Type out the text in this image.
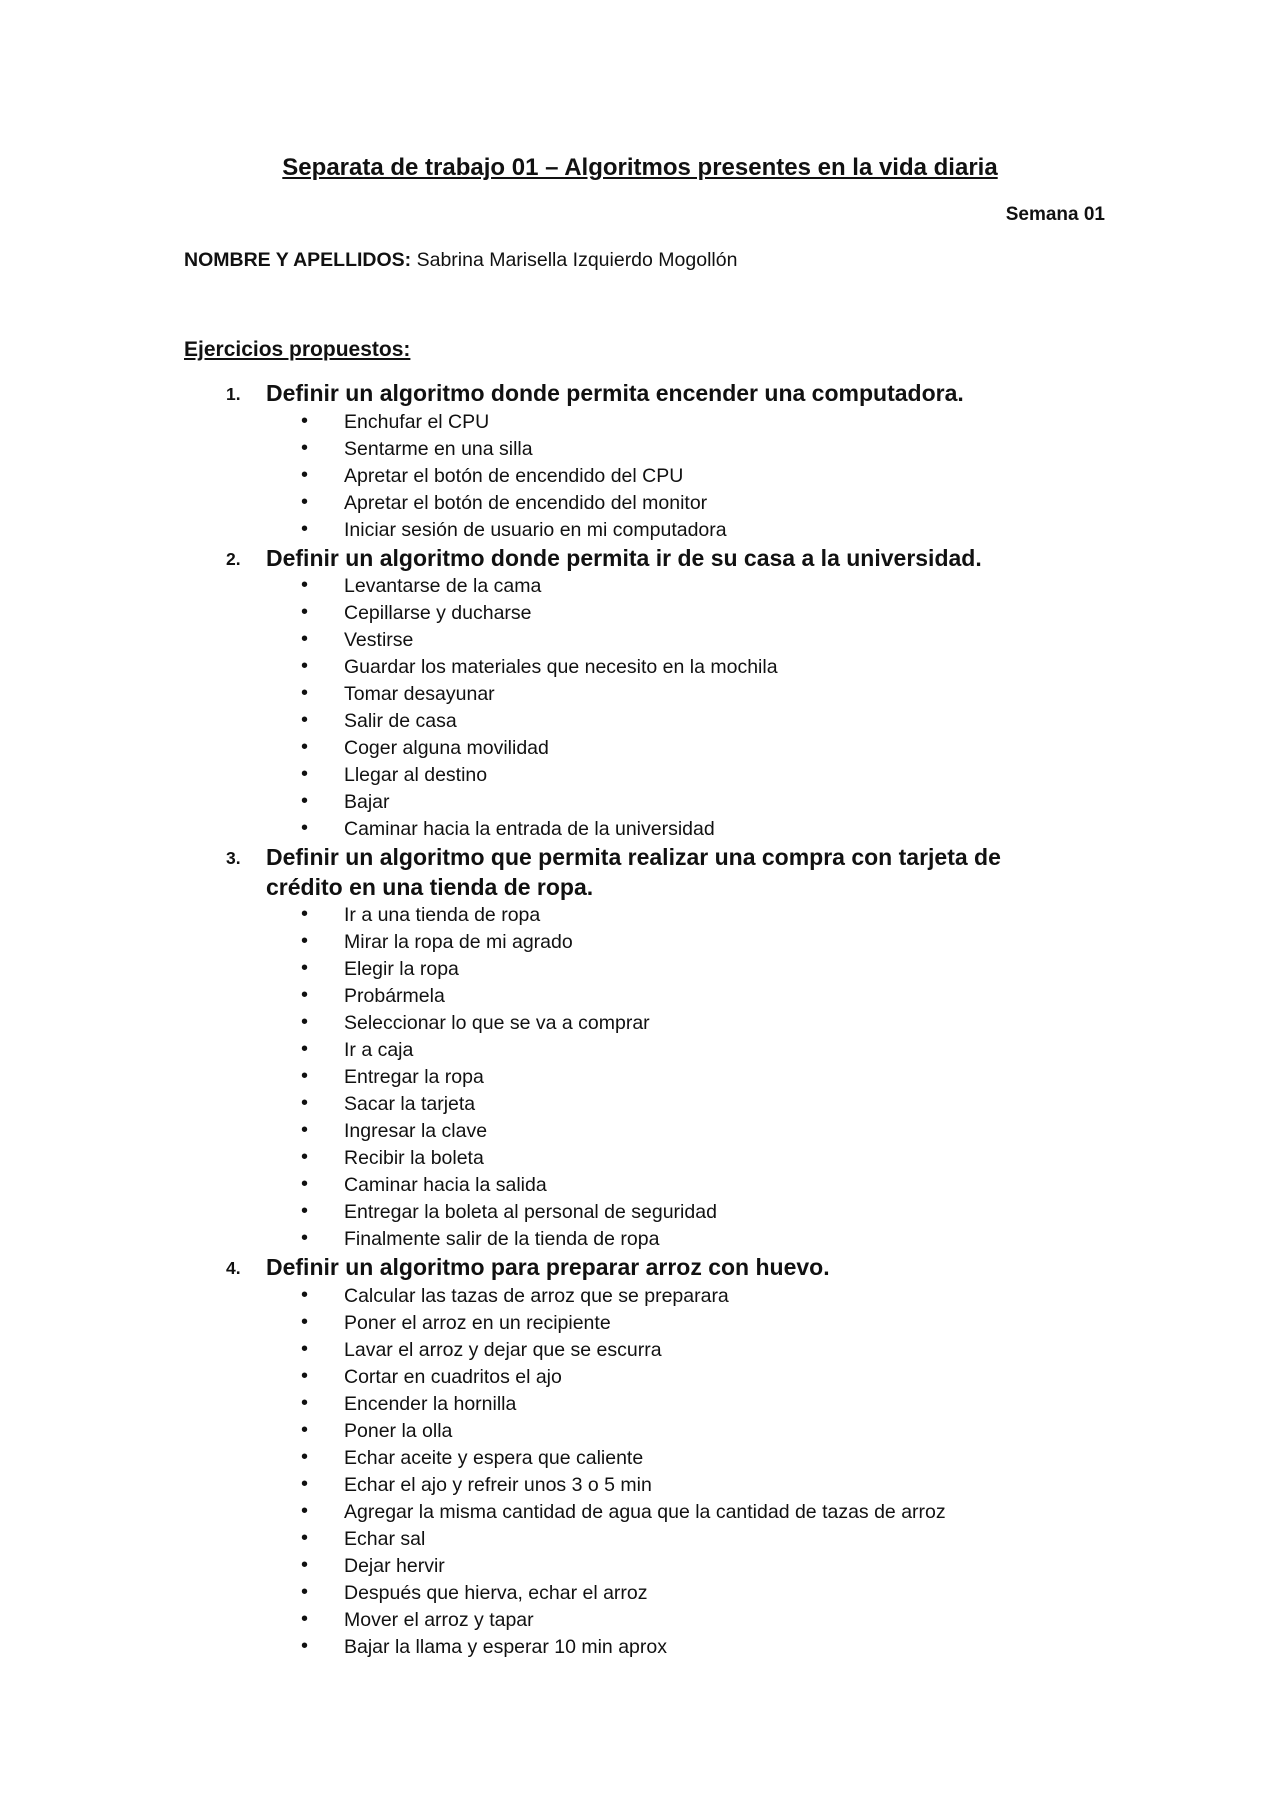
Separata de trabajo 01 – Algoritmos presentes en la vida diaria

Semana 01

NOMBRE Y APELLIDOS: Sabrina Marisella Izquierdo Mogollón

Ejercicios propuestos:
1. Definir un algoritmo donde permita encender una computadora.
• Enchufar el CPU
• Sentarme en una silla
• Apretar el botón de encendido del CPU
• Apretar el botón de encendido del monitor
• Iniciar sesión de usuario en mi computadora
2. Definir un algoritmo donde permita ir de su casa a la universidad.
• Levantarse de la cama
• Cepillarse y ducharse
• Vestirse
• Guardar los materiales que necesito en la mochila
• Tomar desayunar
• Salir de casa
• Coger alguna movilidad
• Llegar al destino
• Bajar
• Caminar hacia la entrada de la universidad
3. Definir un algoritmo que permita realizar una compra con tarjeta de crédito en una tienda de ropa.
• Ir a una tienda de ropa
• Mirar la ropa de mi agrado
• Elegir la ropa
• Probármela
• Seleccionar lo que se va a comprar
• Ir a caja
• Entregar la ropa
• Sacar la tarjeta
• Ingresar la clave
• Recibir la boleta
• Caminar hacia la salida
• Entregar la boleta al personal de seguridad
• Finalmente salir de la tienda de ropa
4. Definir un algoritmo para preparar arroz con huevo.
• Calcular las tazas de arroz que se preparara
• Poner el arroz en un recipiente
• Lavar el arroz y dejar que se escurra
• Cortar en cuadritos el ajo
• Encender la hornilla
• Poner la olla
• Echar aceite y espera que caliente
• Echar el ajo y refreir unos 3 o 5 min
• Agregar la misma cantidad de agua que la cantidad de tazas de arroz
• Echar sal
• Dejar hervir
• Después que hierva, echar el arroz
• Mover el arroz y tapar
• Bajar la llama y esperar 10 min aprox
